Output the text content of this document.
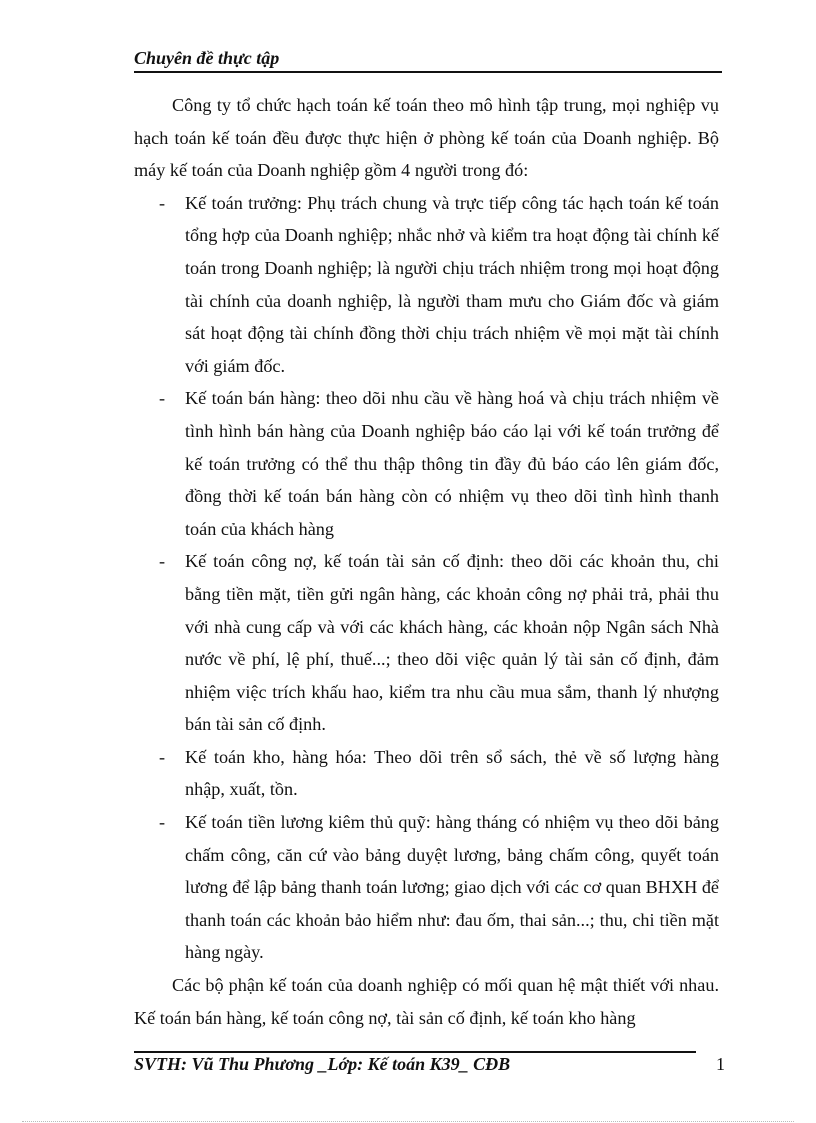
Chuyên đề thực tập

Công ty tổ chức hạch toán kế toán theo mô hình tập trung, mọi nghiệp vụ hạch toán kế toán đều được thực hiện ở phòng kế toán của Doanh nghiệp. Bộ máy kế toán của Doanh nghiệp gồm 4 người trong đó:

- Kế toán trưởng: Phụ trách chung và trực tiếp công tác hạch toán kế toán tổng hợp của Doanh nghiệp; nhắc nhở và kiểm tra hoạt động tài chính kế toán trong Doanh nghiệp; là người chịu trách nhiệm trong mọi hoạt động tài chính của doanh nghiệp, là người tham mưu cho Giám đốc và giám sát hoạt động tài chính đồng thời chịu trách nhiệm về mọi mặt tài chính với giám đốc.
- Kế toán bán hàng: theo dõi nhu cầu về hàng hoá và chịu trách nhiệm về tình hình bán hàng của Doanh nghiệp báo cáo lại với kế toán trưởng để kế toán trưởng có thể thu thập thông tin đầy đủ báo cáo lên giám đốc, đồng thời kế toán bán hàng còn có nhiệm vụ theo dõi tình hình thanh toán của khách hàng
- Kế toán công nợ, kế toán tài sản cố định: theo dõi các khoản thu, chi bằng tiền mặt, tiền gửi ngân hàng, các khoản công nợ phải trả, phải thu với nhà cung cấp và với các khách hàng, các khoản nộp Ngân sách Nhà nước về phí, lệ phí, thuế...; theo dõi việc quản lý tài sản cố định, đảm nhiệm việc trích khấu hao, kiểm tra nhu cầu mua sắm, thanh lý nhượng bán tài sản cố định.
- Kế toán kho, hàng hóa: Theo dõi trên sổ sách, thẻ về số lượng hàng nhập, xuất, tồn.
- Kế toán tiền lương kiêm thủ quỹ: hàng tháng có nhiệm vụ theo dõi bảng chấm công, căn cứ vào bảng duyệt lương, bảng chấm công, quyết toán lương để lập bảng thanh toán lương; giao dịch với các cơ quan BHXH để thanh toán các khoản bảo hiểm như: đau ốm, thai sản...; thu, chi tiền mặt hàng ngày.

Các bộ phận kế toán của doanh nghiệp có mối quan hệ mật thiết với nhau. Kế toán bán hàng, kế toán công nợ, tài sản cố định, kế toán kho hàng

SVTH: Vũ Thu Phương _Lớp: Kế toán K39_ CĐB	1
